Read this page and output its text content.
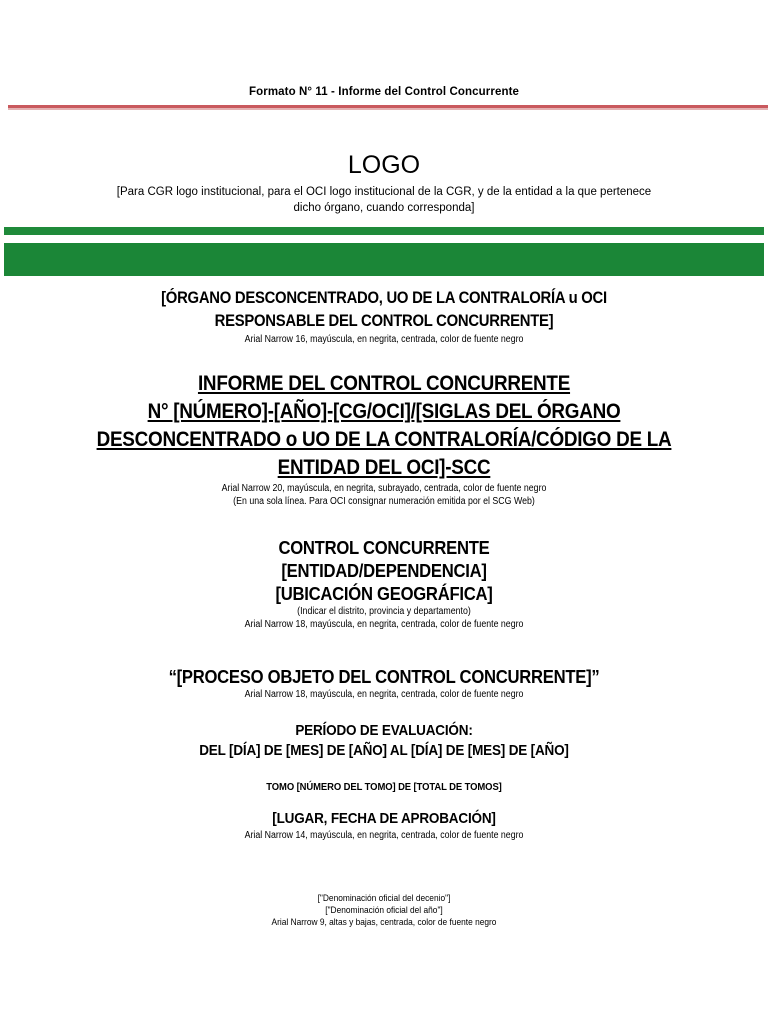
Formato N° 11 - Informe del Control Concurrente
LOGO
[Para CGR logo institucional, para el OCI logo institucional de la CGR, y de la entidad a la que pertenece
dicho órgano, cuando corresponda]
[ÓRGANO DESCONCENTRADO, UO DE LA CONTRALORÍA u OCI
RESPONSABLE DEL CONTROL CONCURRENTE]
Arial Narrow 16, mayúscula, en negrita, centrada, color de fuente negro
INFORME DEL CONTROL CONCURRENTE
N° [NÚMERO]-[AÑO]-[CG/OCI]/[SIGLAS DEL ÓRGANO
DESCONCENTRADO o UO DE LA CONTRALORÍA/CÓDIGO DE LA
ENTIDAD DEL OCI]-SCC
Arial Narrow 20, mayúscula, en negrita, subrayado, centrada, color de fuente negro
(En una sola línea. Para OCI consignar numeración emitida por el SCG Web)
CONTROL CONCURRENTE
[ENTIDAD/DEPENDENCIA]
[UBICACIÓN GEOGRÁFICA]
(Indicar el distrito, provincia y departamento)
Arial Narrow 18, mayúscula, en negrita, centrada, color de fuente negro
“[PROCESO OBJETO DEL CONTROL CONCURRENTE]”
Arial Narrow 18, mayúscula, en negrita, centrada, color de fuente negro
PERÍODO DE EVALUACIÓN:
DEL [DÍA] DE [MES] DE [AÑO] AL [DÍA] DE [MES] DE [AÑO]
TOMO [NÚMERO DEL TOMO] DE [TOTAL DE TOMOS]
[LUGAR, FECHA DE APROBACIÓN]
Arial Narrow 14, mayúscula, en negrita, centrada, color de fuente negro
["Denominación oficial del decenio"]
["Denominación oficial del año"]
Arial Narrow 9, altas y bajas, centrada, color de fuente negro
